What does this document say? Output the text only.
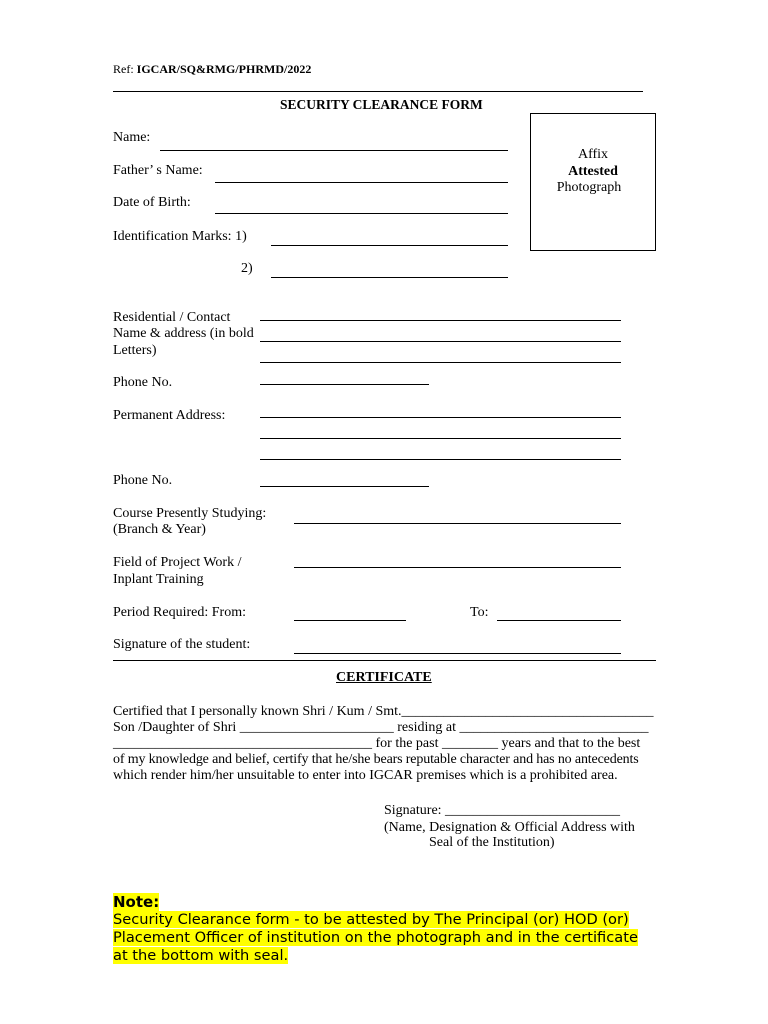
Ref: IGCAR/SQ&RMG/PHRMD/2022
SECURITY CLEARANCE FORM
Affix
Attested
Photograph
Name:
Father’ s Name:
Date of Birth:
Identification Marks: 1)
2)
Residential / Contact
Name & address (in bold
Letters)
Phone No.
Permanent Address:
Phone No.
Course Presently Studying:
(Branch & Year)
Field of Project Work /
Inplant Training
Period Required: From:	To:
Signature of the student:
CERTIFICATE
Certified that I personally known Shri / Kum / Smt.____________________________________
Son /Daughter of Shri ______________________ residing at ___________________________
_____________________________________ for the past ________ years and that to the best
of my knowledge and belief, certify that he/she bears reputable character and has no antecedents
which render him/her unsuitable to enter into IGCAR premises which is a prohibited area.
Signature: _________________________
(Name, Designation & Official Address with
Seal of the Institution)
Note:
Security Clearance form - to be attested by The Principal (or) HOD (or)
Placement Officer of institution on the photograph and in the certificate
at the bottom with seal.
